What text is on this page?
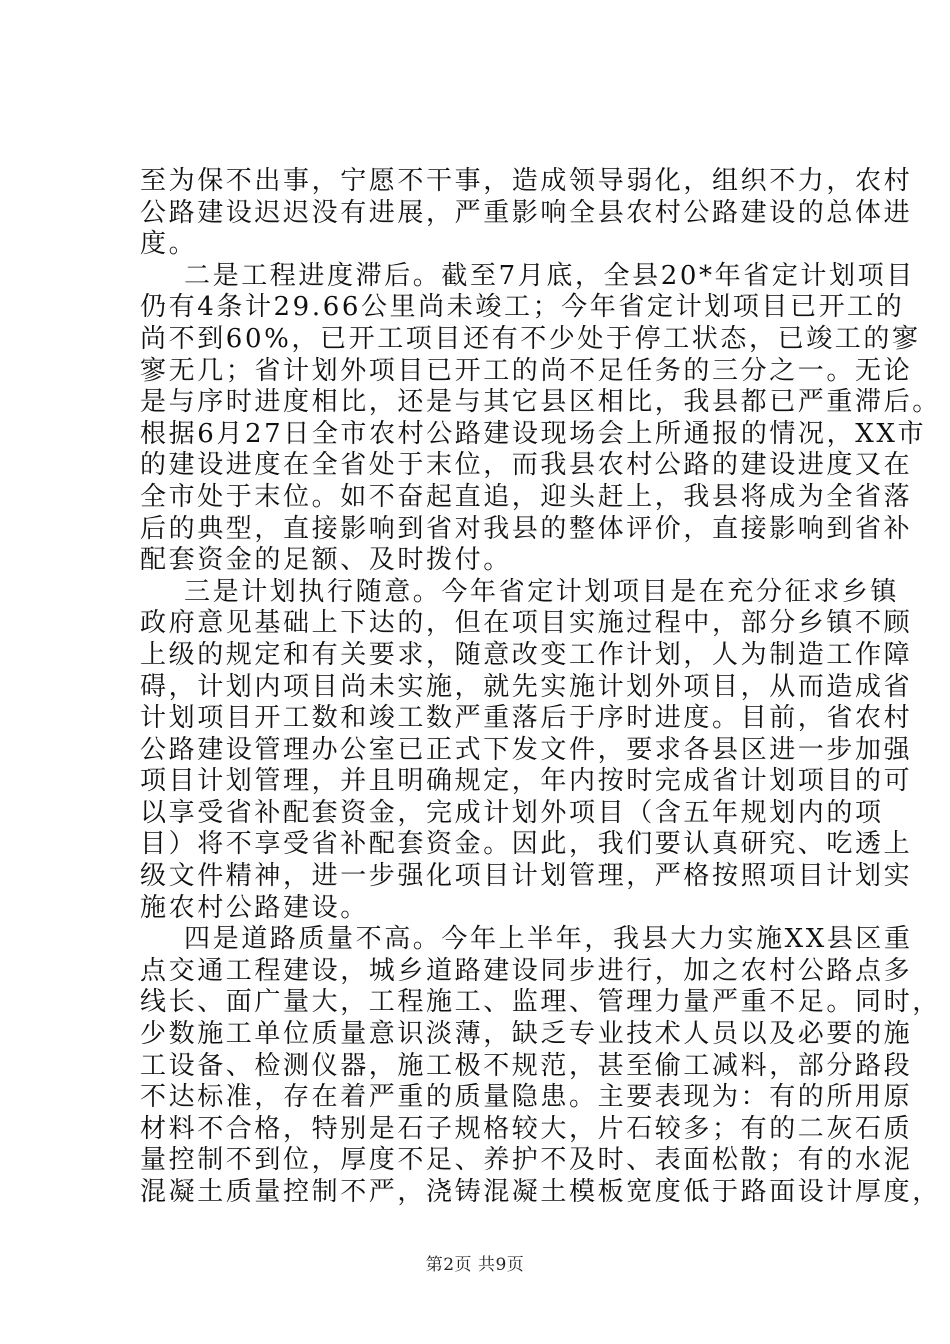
至为保不出事，宁愿不干事，造成领导弱化，组织不力，农村
公路建设迟迟没有进展，严重影响全县农村公路建设的总体进
度。
二是工程进度滞后。截至7月底，全县20*年省定计划项目
仍有4条计29.66公里尚未竣工；今年省定计划项目已开工的
尚不到60%，已开工项目还有不少处于停工状态，已竣工的寥
寥无几；省计划外项目已开工的尚不足任务的三分之一。无论
是与序时进度相比，还是与其它县区相比，我县都已严重滞后。
根据6月27日全市农村公路建设现场会上所通报的情况，XX市
的建设进度在全省处于末位，而我县农村公路的建设进度又在
全市处于末位。如不奋起直追，迎头赶上，我县将成为全省落
后的典型，直接影响到省对我县的整体评价，直接影响到省补
配套资金的足额、及时拨付。
三是计划执行随意。今年省定计划项目是在充分征求乡镇
政府意见基础上下达的，但在项目实施过程中，部分乡镇不顾
上级的规定和有关要求，随意改变工作计划，人为制造工作障
碍，计划内项目尚未实施，就先实施计划外项目，从而造成省
计划项目开工数和竣工数严重落后于序时进度。目前，省农村
公路建设管理办公室已正式下发文件，要求各县区进一步加强
项目计划管理，并且明确规定，年内按时完成省计划项目的可
以享受省补配套资金，完成计划外项目（含五年规划内的项
目）将不享受省补配套资金。因此，我们要认真研究、吃透上
级文件精神，进一步强化项目计划管理，严格按照项目计划实
施农村公路建设。
四是道路质量不高。今年上半年，我县大力实施XX县区重
点交通工程建设，城乡道路建设同步进行，加之农村公路点多
线长、面广量大，工程施工、监理、管理力量严重不足。同时，
少数施工单位质量意识淡薄，缺乏专业技术人员以及必要的施
工设备、检测仪器，施工极不规范，甚至偷工减料，部分路段
不达标准，存在着严重的质量隐患。主要表现为：有的所用原
材料不合格，特别是石子规格较大，片石较多；有的二灰石质
量控制不到位，厚度不足、养护不及时、表面松散；有的水泥
混凝土质量控制不严，浇铸混凝土模板宽度低于路面设计厚度，
第2页 共9页
